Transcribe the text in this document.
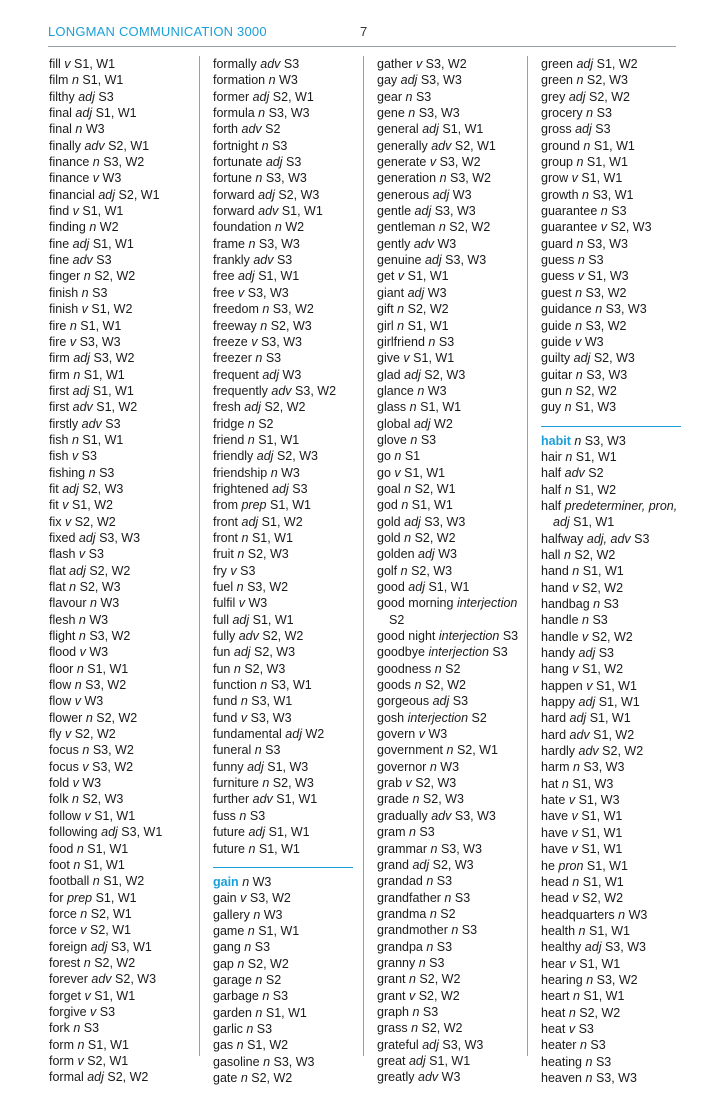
LONGMAN COMMUNICATION 3000	7
fill v S1, W1
film n S1, W1
filthy adj S3
final adj S1, W1
final n W3
finally adv S2, W1
finance n S3, W2
finance v W3
financial adj S2, W1
find v S1, W1
finding n W2
fine adj S1, W1
fine adv S3
finger n S2, W2
finish n S3
finish v S1, W2
fire n S1, W1
fire v S3, W3
firm adj S3, W2
firm n S1, W1
first adj S1, W1
first adv S1, W2
firstly adv S3
fish n S1, W1
fish v S3
fishing n S3
fit adj S2, W3
fit v S1, W2
fix v S2, W2
fixed adj S3, W3
flash v S3
flat adj S2, W2
flat n S2, W3
flavour n W3
flesh n W3
flight n S3, W2
flood v W3
floor n S1, W1
flow n S3, W2
flow v W3
flower n S2, W2
fly v S2, W2
focus n S3, W2
focus v S3, W2
fold v W3
folk n S2, W3
follow v S1, W1
following adj S3, W1
food n S1, W1
foot n S1, W1
football n S1, W2
for prep S1, W1
force n S2, W1
force v S2, W1
foreign adj S3, W1
forest n S2, W2
forever adv S2, W3
forget v S1, W1
forgive v S3
fork n S3
form n S1, W1
form v S2, W1
formal adj S2, W2
formally adv S3
formation n W3
former adj S2, W1
formula n S3, W3
forth adv S2
fortnight n S3
fortunate adj S3
fortune n S3, W3
forward adj S2, W3
forward adv S1, W1
foundation n W2
frame n S3, W3
frankly adv S3
free adj S1, W1
free v S3, W3
freedom n S3, W2
freeway n S2, W3
freeze v S3, W3
freezer n S3
frequent adj W3
frequently adv S3, W2
fresh adj S2, W2
fridge n S2
friend n S1, W1
friendly adj S2, W3
friendship n W3
frightened adj S3
from prep S1, W1
front adj S1, W2
front n S1, W1
fruit n S2, W3
fry v S3
fuel n S3, W2
fulfil v W3
full adj S1, W1
fully adv S2, W2
fun adj S2, W3
fun n S2, W3
function n S3, W1
fund n S3, W1
fund v S3, W3
fundamental adj W2
funeral n S3
funny adj S1, W3
furniture n S2, W3
further adv S1, W1
fuss n S3
future adj S1, W1
future n S1, W1
gain n W3
gain v S3, W2
gallery n W3
game n S1, W1
gang n S3
gap n S2, W2
garage n S2
garbage n S3
garden n S1, W1
garlic n S3
gas n S1, W2
gasoline n S3, W3
gate n S2, W2
gather v S3, W2
gay adj S3, W3
gear n S3
gene n S3, W3
general adj S1, W1
generally adv S2, W1
generate v S3, W2
generation n S3, W2
generous adj W3
gentle adj S3, W3
gentleman n S2, W2
gently adv W3
genuine adj S3, W3
get v S1, W1
giant adj W3
gift n S2, W2
girl n S1, W1
girlfriend n S3
give v S1, W1
glad adj S2, W3
glance n W3
glass n S1, W1
global adj W2
glove n S3
go n S1
go v S1, W1
goal n S2, W1
god n S1, W1
gold adj S3, W3
gold n S2, W2
golden adj W3
golf n S2, W3
good adj S1, W1
good morning interjection S2
good night interjection S3
goodbye interjection S3
goodness n S2
goods n S2, W2
gorgeous adj S3
gosh interjection S2
govern v W3
government n S2, W1
governor n W3
grab v S2, W3
grade n S2, W3
gradually adv S3, W3
gram n S3
grammar n S3, W3
grand adj S2, W3
grandad n S3
grandfather n S3
grandma n S2
grandmother n S3
grandpa n S3
granny n S3
grant n S2, W2
grant v S2, W2
graph n S3
grass n S2, W2
grateful adj S3, W3
great adj S1, W1
greatly adv W3
green adj S1, W2
green n S2, W3
grey adj S2, W2
grocery n S3
gross adj S3
ground n S1, W1
group n S1, W1
grow v S1, W1
growth n S3, W1
guarantee n S3
guarantee v S2, W3
guard n S3, W3
guess n S3
guess v S1, W3
guest n S3, W2
guidance n S3, W3
guide n S3, W2
guide v W3
guilty adj S2, W3
guitar n S3, W3
gun n S2, W2
guy n S1, W3
habit n S3, W3
hair n S1, W1
half adv S2
half n S1, W2
half predeterminer, pron, adj S1, W1
halfway adj, adv S3
hall n S2, W2
hand n S1, W1
hand v S2, W2
handbag n S3
handle n S3
handle v S2, W2
handy adj S3
hang v S1, W2
happen v S1, W1
happy adj S1, W1
hard adj S1, W1
hard adv S1, W2
hardly adv S2, W2
harm n S3, W3
hat n S1, W3
hate v S1, W3
have v S1, W1
have v S1, W1
have v S1, W1
he pron S1, W1
head n S1, W1
head v S2, W2
headquarters n W3
health n S1, W1
healthy adj S3, W3
hear v S1, W1
hearing n S3, W2
heart n S1, W1
heat n S2, W2
heat v S3
heater n S3
heating n S3
heaven n S3, W3
